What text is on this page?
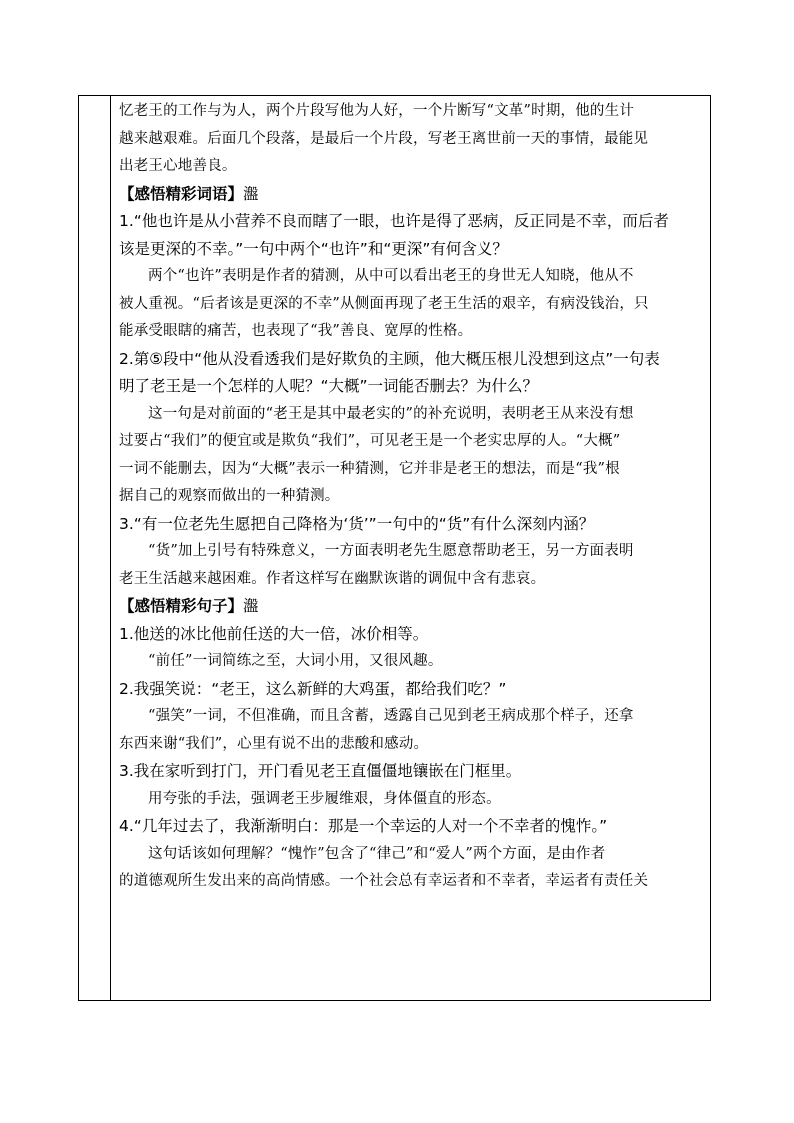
忆老王的工作与为人，两个片段写他为人好，一个片断写“文革”时期，他的生计
越来越艰难。后面几个段落，是最后一个片段，写老王离世前一天的事情，最能见
出老王心地善良。
【感悟精彩词语】瀊
1.“他也许是从小营养不良而瞎了一眼，也许是得了恶病，反正同是不幸，而后者
该是更深的不幸。”一句中两个“也许”和“更深”有何含义？
两个“也许”表明是作者的猜测，从中可以看出老王的身世无人知晓，他从不
被人重视。“后者该是更深的不幸”从侧面再现了老王生活的艰辛，有病没钱治，只
能承受眼瞎的痛苦，也表现了“我”善良、宽厚的性格。
2.第⑤段中“他从没看透我们是好欺负的主顾，他大概压根儿没想到这点”一句表
明了老王是一个怎样的人呢？“大概”一词能否删去？为什么？
这一句是对前面的“老王是其中最老实的”的补充说明，表明老王从来没有想
过要占“我们”的便宜或是欺负“我们”，可见老王是一个老实忠厚的人。“大概”
一词不能删去，因为“大概”表示一种猜测，它并非是老王的想法，而是“我”根
据自己的观察而做出的一种猜测。
3.“有一位老先生愿把自己降格为‘货’”一句中的“货”有什么深刻内涵？
“货”加上引号有特殊意义，一方面表明老先生愿意帮助老王，另一方面表明
老王生活越来越困难。作者这样写在幽默诙谐的调侃中含有悲哀。
【感悟精彩句子】瀊
1.他送的冰比他前任送的大一倍，冰价相等。
“前任”一词简练之至，大词小用，又很风趣。
2.我强笑说：“老王，这么新鲜的大鸡蛋，都给我们吃？”
“强笑”一词，不但准确，而且含蓄，透露自己见到老王病成那个样子，还拿
东西来谢“我们”，心里有说不出的悲酸和感动。
3.我在家听到打门，开门看见老王直僵僵地镶嵌在门框里。
用夸张的手法，强调老王步履维艰，身体僵直的形态。
4.“几年过去了，我渐渐明白：那是一个幸运的人对一个不幸者的愧怍。”
这句话该如何理解？“愧怍”包含了“律己”和“爱人”两个方面，是由作者
的道德观所生发出来的高尚情感。一个社会总有幸运者和不幸者，幸运者有责任关
